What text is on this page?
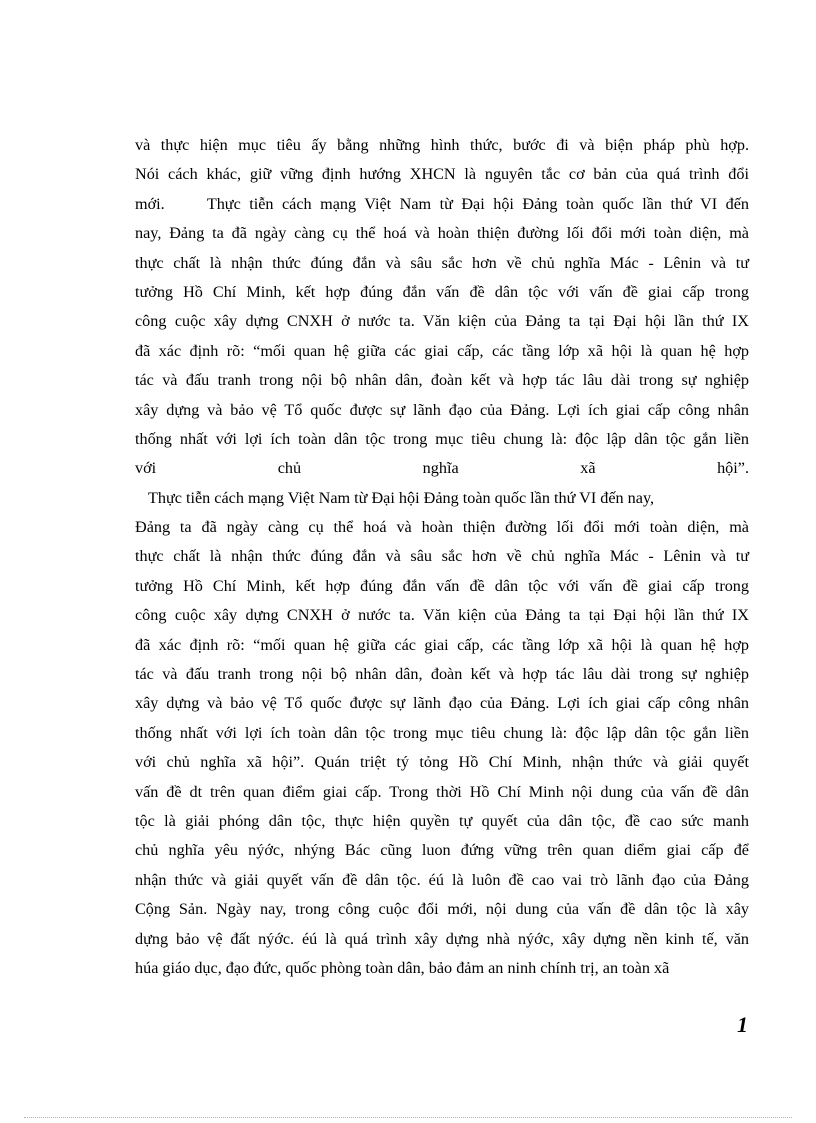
và thực hiện mục tiêu ấy bằng những hình thức, bước đi và biện pháp phù hợp.
Nói cách khác, giữ vững định hướng XHCN là nguyên tắc cơ bản của quá trình đổi
mới.     Thực tiễn cách mạng Việt Nam từ Đại hội Đảng toàn quốc lần thứ VI đến
nay, Đảng ta đã ngày càng cụ thể hoá và hoàn thiện đường lối đổi mới toàn diện, mà
thực chất là nhận thức đúng đắn và sâu sắc hơn về chủ nghĩa Mác - Lênin và tư
tưởng Hồ Chí Minh, kết hợp đúng đắn vấn đề dân tộc với vấn đề giai cấp trong
công cuộc xây dựng CNXH ở nước ta. Văn kiện của Đảng ta tại Đại hội lần thứ IX
đã xác định rõ: “mối quan hệ giữa các giai cấp, các tầng lớp xã hội là quan hệ hợp
tác và đấu tranh trong nội bộ nhân dân, đoàn kết và hợp tác lâu dài trong sự nghiệp
xây dựng và bảo vệ Tổ quốc được sự lãnh đạo của Đảng. Lợi ích giai cấp công nhân
thống nhất với lợi ích toàn dân tộc trong mục tiêu chung là: độc lập dân tộc gắn liền
với chủ nghĩa xã hội”.
Thực tiễn cách mạng Việt Nam từ Đại hội Đảng toàn quốc lần thứ VI đến nay,
Đảng ta đã ngày càng cụ thể hoá và hoàn thiện đường lối đổi mới toàn diện, mà
thực chất là nhận thức đúng đắn và sâu sắc hơn về chủ nghĩa Mác - Lênin và tư
tưởng Hồ Chí Minh, kết hợp đúng đắn vấn đề dân tộc với vấn đề giai cấp trong
công cuộc xây dựng CNXH ở nước ta. Văn kiện của Đảng ta tại Đại hội lần thứ IX
đã xác định rõ: “mối quan hệ giữa các giai cấp, các tầng lớp xã hội là quan hệ hợp
tác và đấu tranh trong nội bộ nhân dân, đoàn kết và hợp tác lâu dài trong sự nghiệp
xây dựng và bảo vệ Tổ quốc được sự lãnh đạo của Đảng. Lợi ích giai cấp công nhân
thống nhất với lợi ích toàn dân tộc trong mục tiêu chung là: độc lập dân tộc gắn liền
với chủ nghĩa xã hội”. Quán triệt tý tỏng Hồ Chí Minh, nhận thức và giải quyết
vấn đề dt trên quan điểm giai cấp. Trong thời Hồ Chí Minh nội dung của vấn đề dân
tộc là giải phóng dân tộc, thực hiện quyền tự quyết của dân tộc, đề cao sức manh
chủ nghĩa yêu nýớc, nhýng Bác cũng luon đứng vững trên quan diểm giai cấp để
nhận thức và giải quyết vấn đề dân tộc. éú là luôn đề cao vai trò lãnh đạo của Đảng
Cộng Sản. Ngày nay, trong công cuộc đổi mới, nội dung của vấn đề dân tộc là xây
dựng bảo vệ đất nýớc. éú là quá trình xây dựng nhà nýớc, xây dựng nền kinh tế, văn
húa giáo dục, đạo đức, quốc phòng toàn dân, bảo đảm an ninh chính trị, an toàn xã
1
